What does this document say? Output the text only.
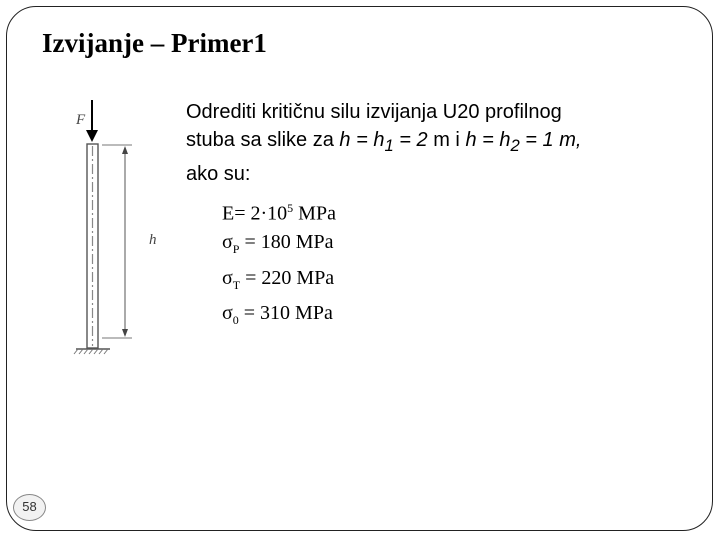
Izvijanje – Primer1
Odrediti kritičnu silu izvijanja U20 profilnog
stuba sa slike za $h = h_1 = 2$ m i $h = h_2 = 1$ m,
ako su:
$E= 2\cdot 10^5$ MPa
$\sigma_P = 180$ MPa
$\sigma_T = 220$ MPa
$\sigma_0 = 310$ MPa
F
h
58
